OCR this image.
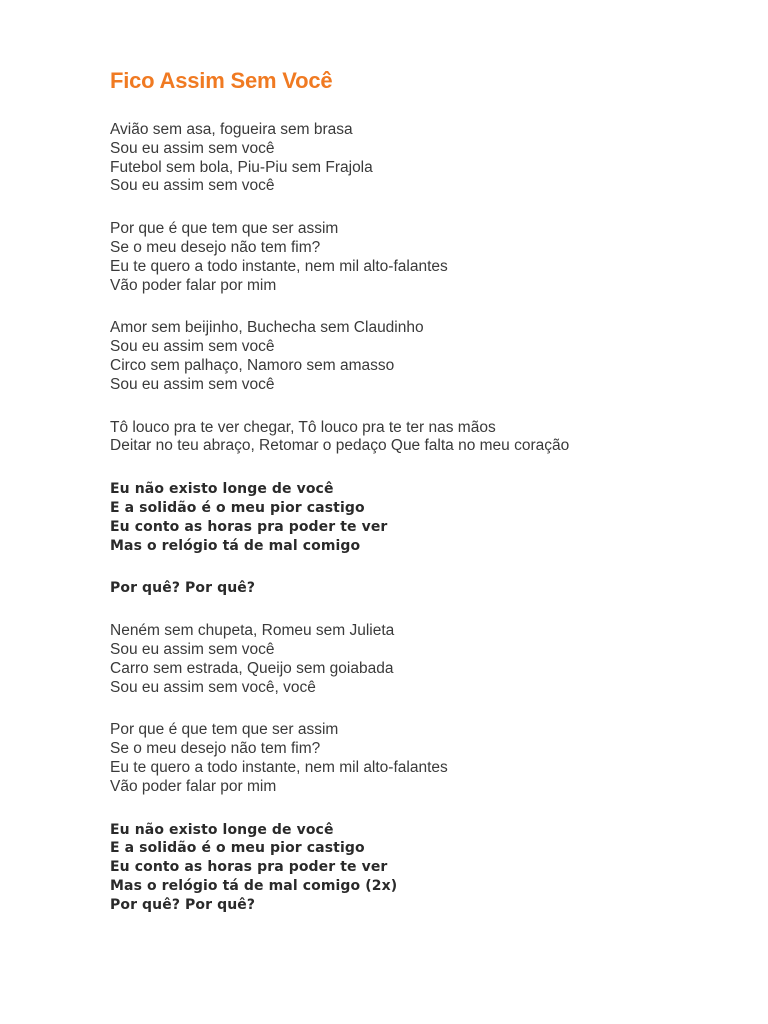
Fico Assim Sem Você
Avião sem asa, fogueira sem brasa
Sou eu assim sem você
Futebol sem bola, Piu-Piu sem Frajola
Sou eu assim sem você
Por que é que tem que ser assim
Se o meu desejo não tem fim?
Eu te quero a todo instante, nem mil alto-falantes
Vão poder falar por mim
Amor sem beijinho, Buchecha sem Claudinho
Sou eu assim sem você
Circo sem palhaço, Namoro sem amasso
Sou eu assim sem você
Tô louco pra te ver chegar, Tô louco pra te ter nas mãos
Deitar no teu abraço, Retomar o pedaço Que falta no meu coração
Eu não existo longe de você
E a solidão é o meu pior castigo
Eu conto as horas pra poder te ver
Mas o relógio tá de mal comigo
Por quê? Por quê?
Neném sem chupeta, Romeu sem Julieta
Sou eu assim sem você
Carro sem estrada, Queijo sem goiabada
Sou eu assim sem você, você
Por que é que tem que ser assim
Se o meu desejo não tem fim?
Eu te quero a todo instante, nem mil alto-falantes
Vão poder falar por mim
Eu não existo longe de você
E a solidão é o meu pior castigo
Eu conto as horas pra poder te ver
Mas o relógio tá de mal comigo (2x)
Por quê? Por quê?
